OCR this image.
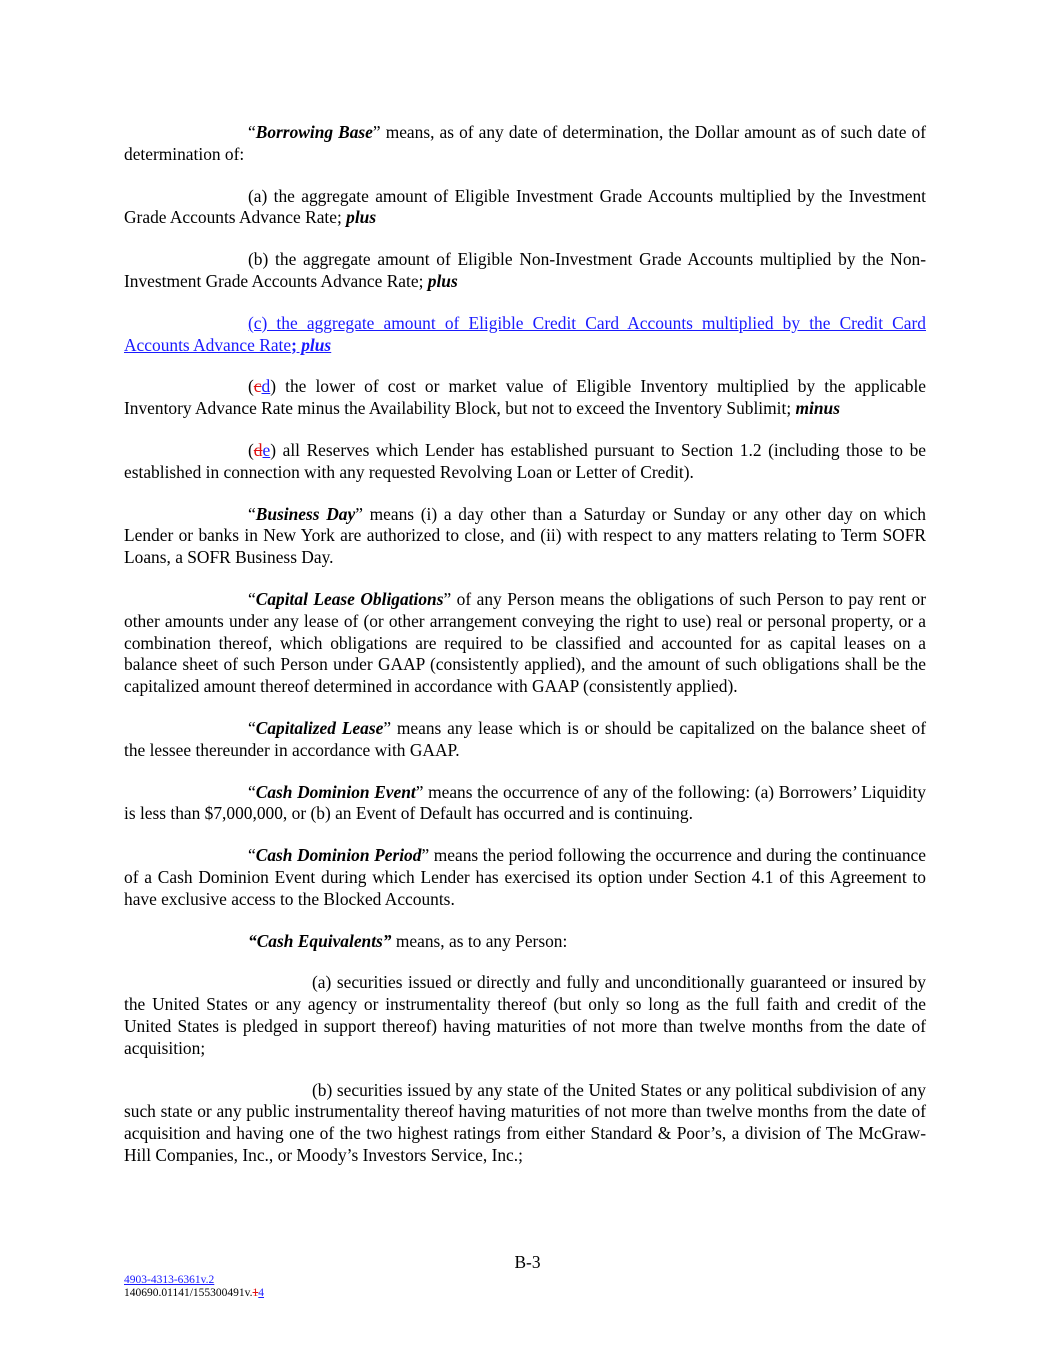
“Borrowing Base” means, as of any date of determination, the Dollar amount as of such date of determination of:

(a) the aggregate amount of Eligible Investment Grade Accounts multiplied by the Investment Grade Accounts Advance Rate; plus

(b) the aggregate amount of Eligible Non-Investment Grade Accounts multiplied by the Non-Investment Grade Accounts Advance Rate; plus

(c) the aggregate amount of Eligible Credit Card Accounts multiplied by the Credit Card Accounts Advance Rate; plus

(cd) the lower of cost or market value of Eligible Inventory multiplied by the applicable Inventory Advance Rate minus the Availability Block, but not to exceed the Inventory Sublimit; minus

(de) all Reserves which Lender has established pursuant to Section 1.2 (including those to be established in connection with any requested Revolving Loan or Letter of Credit).

“Business Day” means (i) a day other than a Saturday or Sunday or any other day on which Lender or banks in New York are authorized to close, and (ii) with respect to any matters relating to Term SOFR Loans, a SOFR Business Day.

“Capital Lease Obligations” of any Person means the obligations of such Person to pay rent or other amounts under any lease of (or other arrangement conveying the right to use) real or personal property, or a combination thereof, which obligations are required to be classified and accounted for as capital leases on a balance sheet of such Person under GAAP (consistently applied), and the amount of such obligations shall be the capitalized amount thereof determined in accordance with GAAP (consistently applied).

“Capitalized Lease” means any lease which is or should be capitalized on the balance sheet of the lessee thereunder in accordance with GAAP.

“Cash Dominion Event” means the occurrence of any of the following: (a) Borrowers’ Liquidity is less than $7,000,000, or (b) an Event of Default has occurred and is continuing.

“Cash Dominion Period” means the period following the occurrence and during the continuance of a Cash Dominion Event during which Lender has exercised its option under Section 4.1 of this Agreement to have exclusive access to the Blocked Accounts.

“Cash Equivalents” means, as to any Person:

(a) securities issued or directly and fully and unconditionally guaranteed or insured by the United States or any agency or instrumentality thereof (but only so long as the full faith and credit of the United States is pledged in support thereof) having maturities of not more than twelve months from the date of acquisition;

(b) securities issued by any state of the United States or any political subdivision of any such state or any public instrumentality thereof having maturities of not more than twelve months from the date of acquisition and having one of the two highest ratings from either Standard & Poor’s, a division of The McGraw-Hill Companies, Inc., or Moody’s Investors Service, Inc.;

B-3
4903-4313-6361v.2
140690.01141/155300491v.14
